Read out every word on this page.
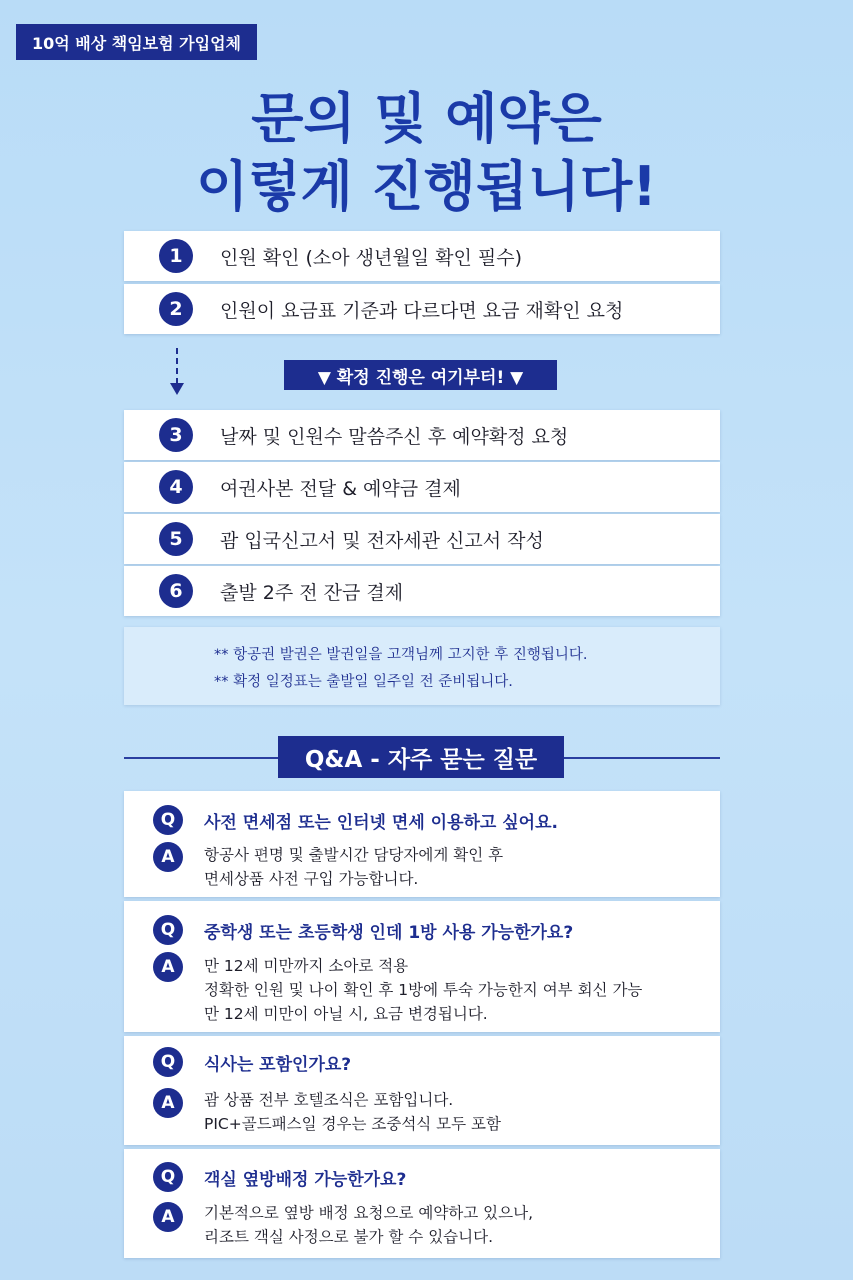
10억 배상 책임보험 가입업체
문의 및 예약은
이렇게 진행됩니다!
1	인원 확인 (소아 생년월일 확인 필수)
2	인원이 요금표 기준과 다르다면 요금 재확인 요청
▼ 확정 진행은 여기부터! ▼
3	날짜 및 인원수 말씀주신 후 예약확정 요청
4	여권사본 전달 & 예약금 결제
5	괌 입국신고서 및 전자세관 신고서 작성
6	출발 2주 전 잔금 결제
** 항공권 발권은 발권일을 고객님께 고지한 후 진행됩니다.
** 확정 일정표는 출발일 일주일 전 준비됩니다.
Q&A - 자주 묻는 질문
Q	사전 면세점 또는 인터넷 면세 이용하고 싶어요.
A	항공사 편명 및 출발시간 담당자에게 확인 후
면세상품 사전 구입 가능합니다.
Q	중학생 또는 초등학생 인데 1방 사용 가능한가요?
A	만 12세 미만까지 소아로 적용
정확한 인원 및 나이 확인 후 1방에 투숙 가능한지 여부 회신 가능
만 12세 미만이 아닐 시, 요금 변경됩니다.
Q	식사는 포함인가요?
A	괌 상품 전부 호텔조식은 포함입니다.
PIC+골드패스일 경우는 조중석식 모두 포함
Q	객실 옆방배정 가능한가요?
A	기본적으로 옆방 배정 요청으로 예약하고 있으나,
리조트 객실 사정으로 불가 할 수 있습니다.
